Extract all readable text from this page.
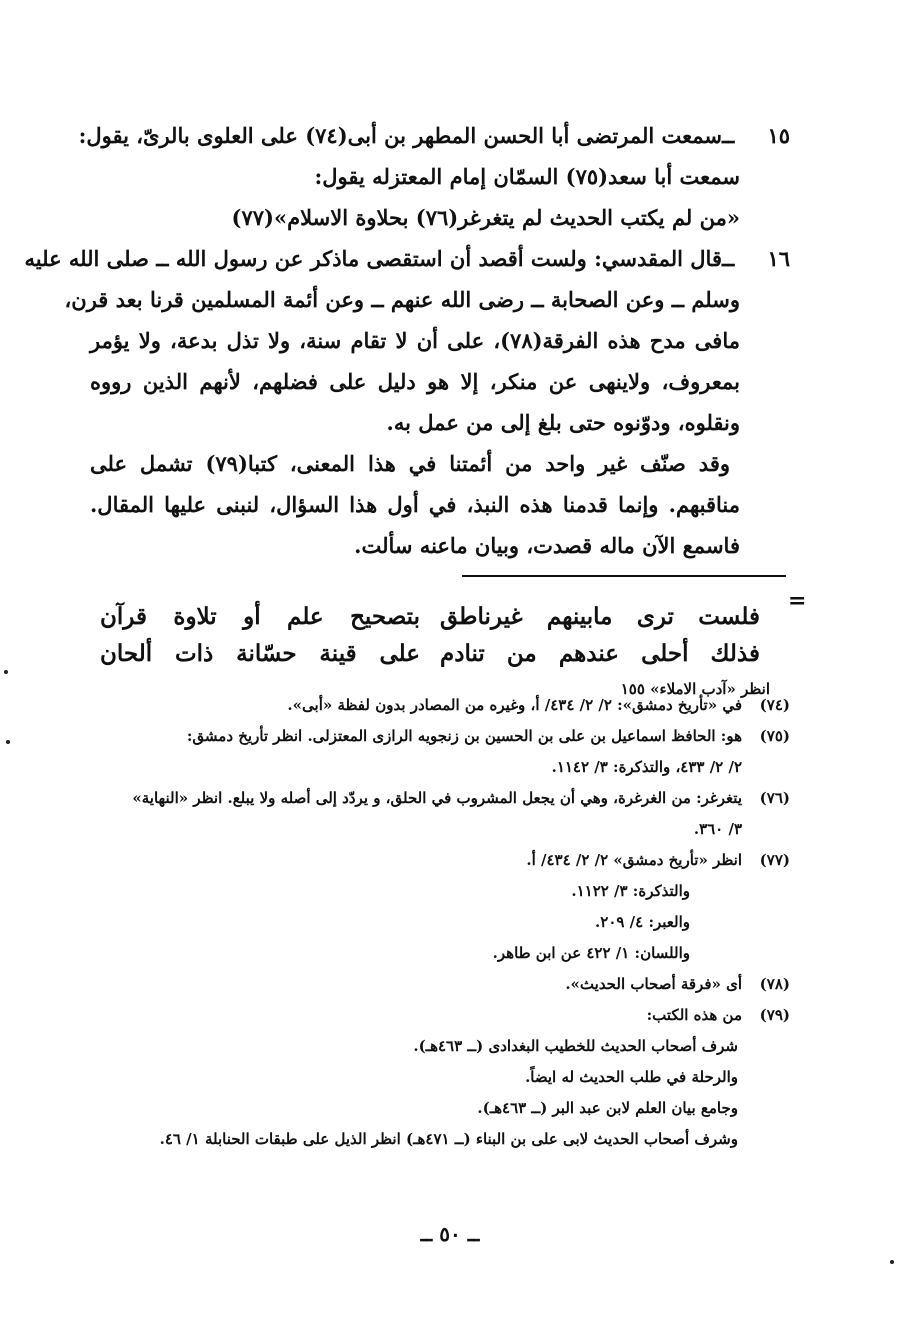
١٥ ــسمعت المرتضى أبا الحسن المطهر بن أبى(٧٤) على العلوى بالرىّ، يقول:
سمعت أبا سعد(٧٥) السمّان إمام المعتزله يقول:
«من لم يكتب الحديث لم يتغرغر(٧٦) بحلاوة الاسلام»(٧٧)
١٦ ــقال المقدسي: ولست أقصد أن استقصى ماذكر عن رسول الله ــ صلى الله عليه
وسلم ــ وعن الصحابة ــ رضى الله عنهم ــ وعن أئمة المسلمين قرنا بعد قرن،
مافى مدح هذه الفرقة(٧٨)، على أن لا تقام سنة، ولا تذل بدعة، ولا يؤمر
بمعروف، ولاينهى عن منكر، إلا هو دليل على فضلهم، لأنهم الذين رووه
ونقلوه، ودوّنوه حتى بلغ إلى من عمل به.
وقد صنّف غير واحد من أئمتنا في هذا المعنى، كتبا(٧٩) تشمل على
مناقبهم. وإنما قدمنا هذه النبذ، في أول هذا السؤال، لنبنى عليها المقال.
فاسمع الآن ماله قصدت، وبيان ماعنه سألت.
=
فلست ترى مابينهم غيرناطق
بتصحيح علم أو تلاوة قرآن
فذلك أحلى عندهم من تنادم
على قينة حسّانة ذات ألحان
انظر «آدب الاملاء» ١٥٥
(٧٤)في «تأريخ دمشق»: ٢/ ٢/ ٤٣٤/ أ، وغيره من المصادر بدون لفظة «أبى».
(٧٥)هو: الحافظ اسماعيل بن على بن الحسين بن زنجويه الرازى المعتزلى. انظر تأريخ دمشق:
٢/ ٢/ ٤٣٣، والتذكرة: ٣/ ١١٤٢.
(٧٦)يتغرغر: من الغرغرة، وهي أن يجعل المشروب في الحلق، و يردّد إلى أصله ولا يبلع. انظر «النهاية»
٣/ ٣٦٠.
(٧٧)انظر «تأريخ دمشق» ٢/ ٢/ ٤٣٤/ أ.
والتذكرة: ٣/ ١١٢٢.
والعبر: ٤/ ٢٠٩.
واللسان: ١/ ٤٢٢ عن ابن طاهر.
(٧٨)أى «فرقة أصحاب الحديث».
(٧٩)من هذه الكتب:
شرف أصحاب الحديث للخطيب البغدادى (ــ ٤٦٣هـ).
والرحلة في طلب الحديث له ايضاً.
وجامع بيان العلم لابن عبد البر (ــ ٤٦٣هـ).
وشرف أصحاب الحديث لابى على بن البناء (ــ ٤٧١هـ) انظر الذيل على طبقات الحنابلة ١/ ٤٦.
ــ ٥٠ ــ
